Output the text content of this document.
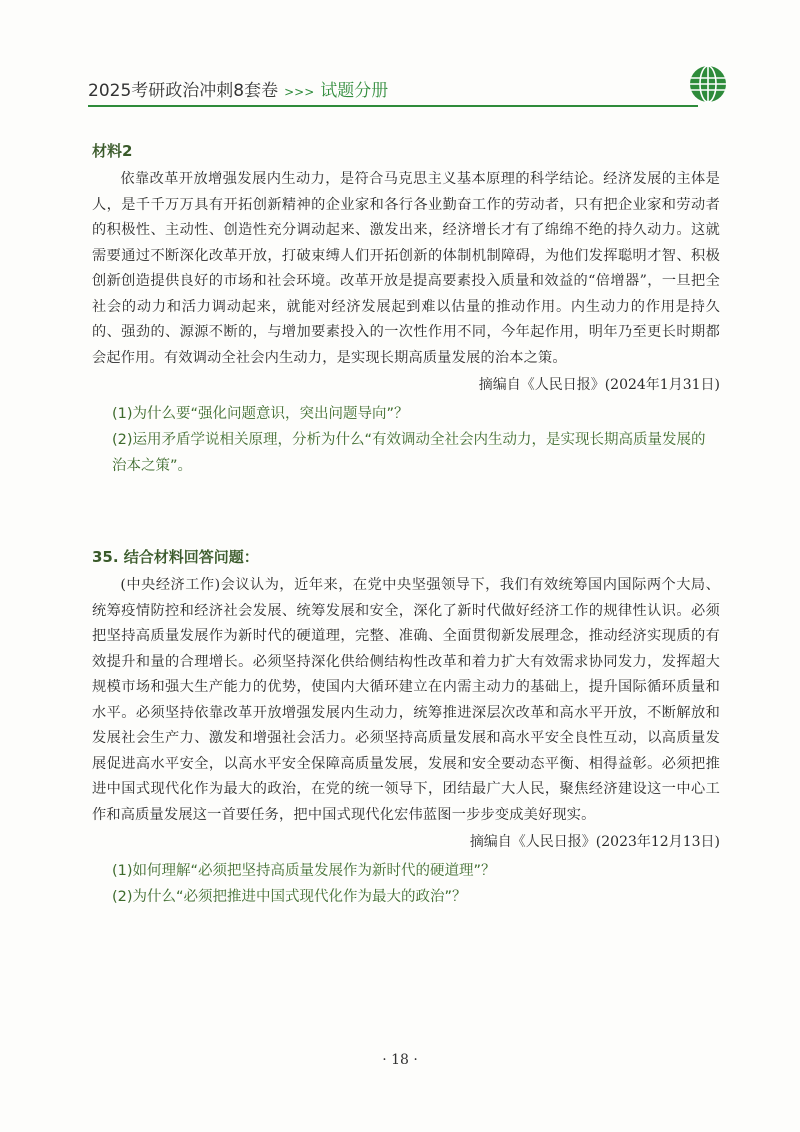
2025考研政治冲刺8套卷 >>> 试题分册
材料2

依靠改革开放增强发展内生动力，是符合马克思主义基本原理的科学结论。经济发展的主体是人，是千千万万具有开拓创新精神的企业家和各行各业勤奋工作的劳动者，只有把企业家和劳动者的积极性、主动性、创造性充分调动起来、激发出来，经济增长才有了绵绵不绝的持久动力。这就需要通过不断深化改革开放，打破束缚人们开拓创新的体制机制障碍，为他们发挥聪明才智、积极创新创造提供良好的市场和社会环境。改革开放是提高要素投入质量和效益的“倍增器”，一旦把全社会的动力和活力调动起来，就能对经济发展起到难以估量的推动作用。内生动力的作用是持久的、强劲的、源源不断的，与增加要素投入的一次性作用不同，今年起作用，明年乃至更长时期都会起作用。有效调动全社会内生动力，是实现长期高质量发展的治本之策。

摘编自《人民日报》(2024年1月31日)

(1)为什么要“强化问题意识，突出问题导向”？

(2)运用矛盾学说相关原理，分析为什么“有效调动全社会内生动力，是实现长期高质量发展的治本之策”。

35. 结合材料回答问题：

(中央经济工作)会议认为，近年来，在党中央坚强领导下，我们有效统筹国内国际两个大局、统筹疫情防控和经济社会发展、统筹发展和安全，深化了新时代做好经济工作的规律性认识。必须把坚持高质量发展作为新时代的硬道理，完整、准确、全面贯彻新发展理念，推动经济实现质的有效提升和量的合理增长。必须坚持深化供给侧结构性改革和着力扩大有效需求协同发力，发挥超大规模市场和强大生产能力的优势，使国内大循环建立在内需主动力的基础上，提升国际循环质量和水平。必须坚持依靠改革开放增强发展内生动力，统筹推进深层次改革和高水平开放，不断解放和发展社会生产力、激发和增强社会活力。必须坚持高质量发展和高水平安全良性互动，以高质量发展促进高水平安全，以高水平安全保障高质量发展，发展和安全要动态平衡、相得益彰。必须把推进中国式现代化作为最大的政治，在党的统一领导下，团结最广大人民，聚焦经济建设这一中心工作和高质量发展这一首要任务，把中国式现代化宏伟蓝图一步步变成美好现实。

摘编自《人民日报》(2023年12月13日)

(1)如何理解“必须把坚持高质量发展作为新时代的硬道理”？

(2)为什么“必须把推进中国式现代化作为最大的政治”？

· 18 ·
